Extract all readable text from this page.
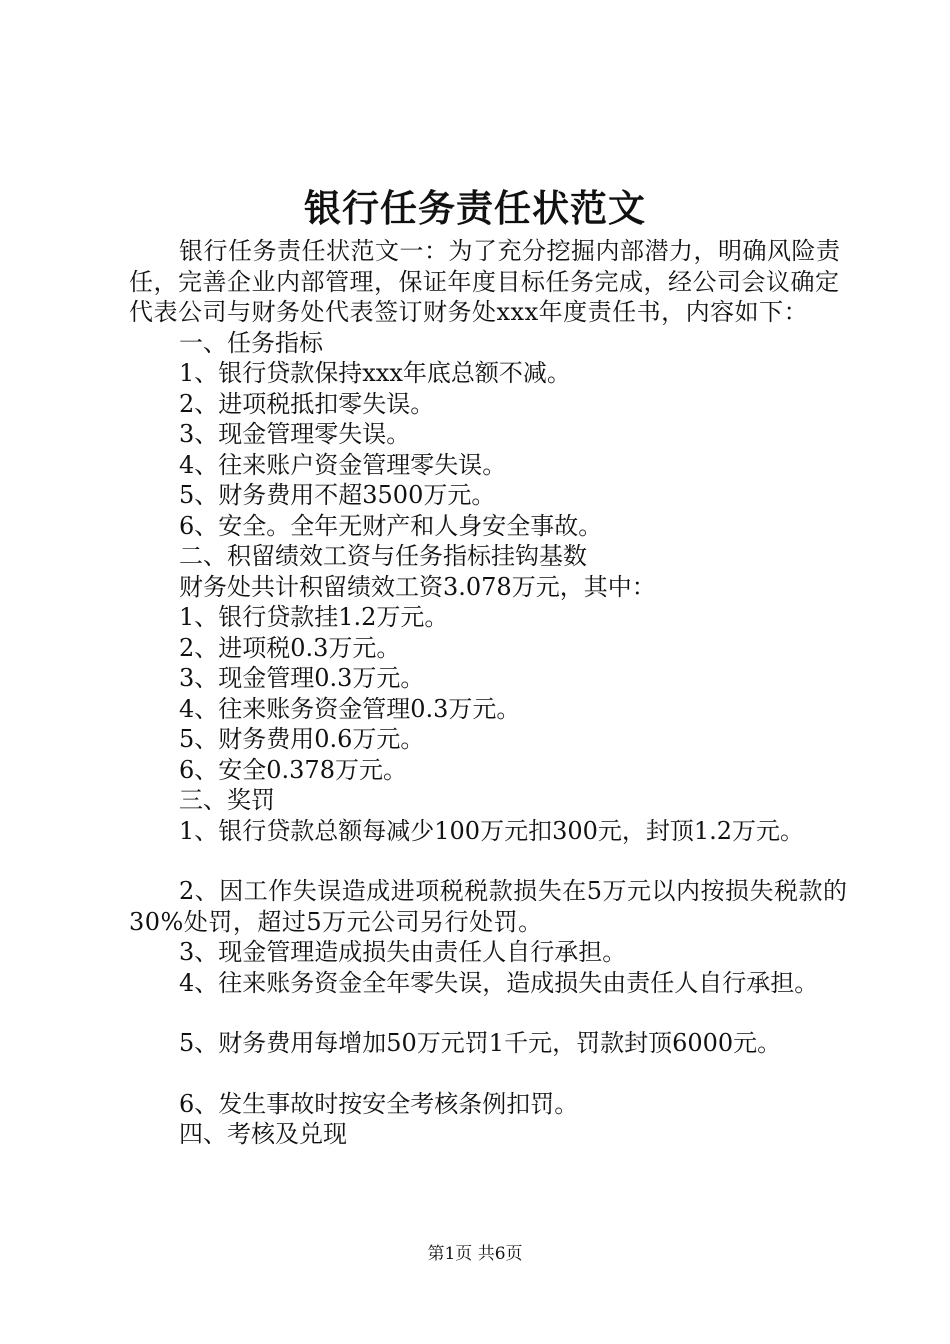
银行任务责任状范文
银行任务责任状范文一：为了充分挖掘内部潜力，明确风险责任，完善企业内部管理，保证年度目标任务完成，经公司会议确定代表公司与财务处代表签订财务处xxx年度责任书，内容如下：
一、任务指标
1、银行贷款保持xxx年底总额不减。
2、进项税抵扣零失误。
3、现金管理零失误。
4、往来账户资金管理零失误。
5、财务费用不超3500万元。
6、安全。全年无财产和人身安全事故。
二、积留绩效工资与任务指标挂钩基数
财务处共计积留绩效工资3.078万元，其中：
1、银行贷款挂1.2万元。
2、进项税0.3万元。
3、现金管理0.3万元。
4、往来账务资金管理0.3万元。
5、财务费用0.6万元。
6、安全0.378万元。
三、奖罚
1、银行贷款总额每减少100万元扣300元，封顶1.2万元。
2、因工作失误造成进项税税款损失在5万元以内按损失税款的30%处罚，超过5万元公司另行处罚。
3、现金管理造成损失由责任人自行承担。
4、往来账务资金全年零失误，造成损失由责任人自行承担。
5、财务费用每增加50万元罚1千元，罚款封顶6000元。
6、发生事故时按安全考核条例扣罚。
四、考核及兑现
第1页 共6页
